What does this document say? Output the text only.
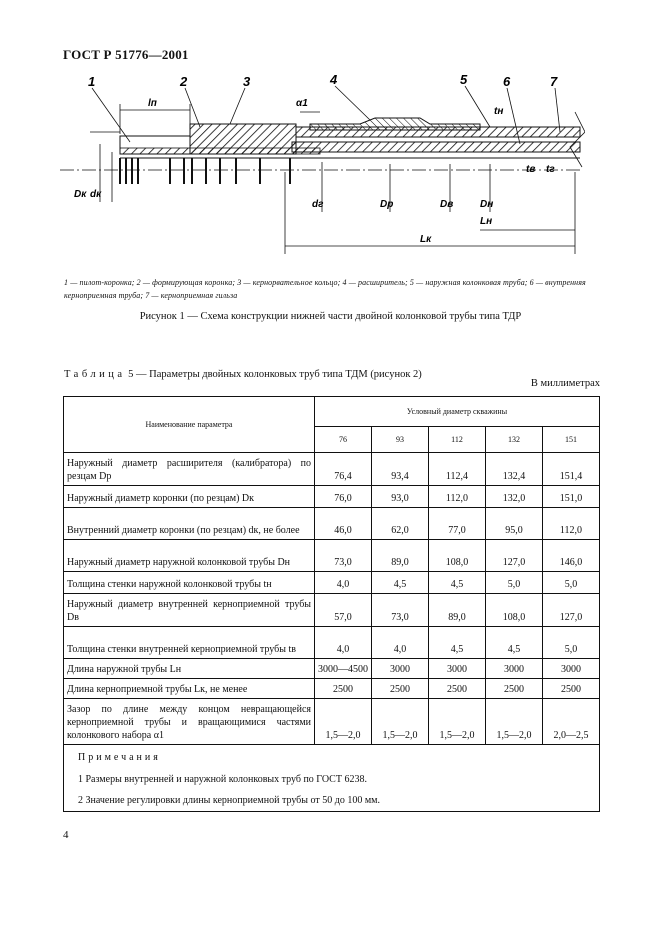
ГОСТ Р 51776—2001
1	2	3	4	5	6	7
lп	α1
tн
tв tг
Dк dк
dг	Dр	Dв	Dн
Lн
Lк
1 — пилот-коронка; 2 — формирующая коронка; 3 — кернорвательное кольцо; 4 — расширитель; 5 — наружная колонковая труба; 6 — внутренняя керноприемная труба; 7 — керноприемная гильза
Рисунок 1 — Схема конструкции нижней части двойной колонковой трубы типа ТДР
Таблица 5 — Параметры двойных колонковых труб типа ТДМ (рисунок 2)
В миллиметрах
Наименование параметра	Условный диаметр скважины				
	76	93	112	132	151
Наружный диаметр расширителя (калибратора) по резцам Dр	76,4	93,4	112,4	132,4	151,4
Наружный диаметр коронки (по резцам) Dк	76,0	93,0	112,0	132,0	151,0
Внутренний диаметр коронки (по резцам) dк, не более	46,0	62,0	77,0	95,0	112,0
Наружный диаметр наружной колонковой трубы Dн	73,0	89,0	108,0	127,0	146,0
Толщина стенки наружной колонковой трубы tн	4,0	4,5	4,5	5,0	5,0
Наружный диаметр внутренней керноприемной трубы Dв	57,0	73,0	89,0	108,0	127,0
Толщина стенки внутренней керноприемной трубы tв	4,0	4,0	4,5	4,5	5,0
Длина наружной трубы Lн	3000—4500	3000	3000	3000	3000
Длина керноприемной трубы Lк, не менее	2500	2500	2500	2500	2500
Зазор по длине между концом невращающейся керноприемной трубы и вращающимися частями колонкового набора α1	1,5—2,0	1,5—2,0	1,5—2,0	1,5—2,0	2,0—2,5
Примечания					
1 Размеры внутренней и наружной колонковых труб по ГОСТ 6238.					
2 Значение регулировки длины керноприемной трубы от 50 до 100 мм.					
4
